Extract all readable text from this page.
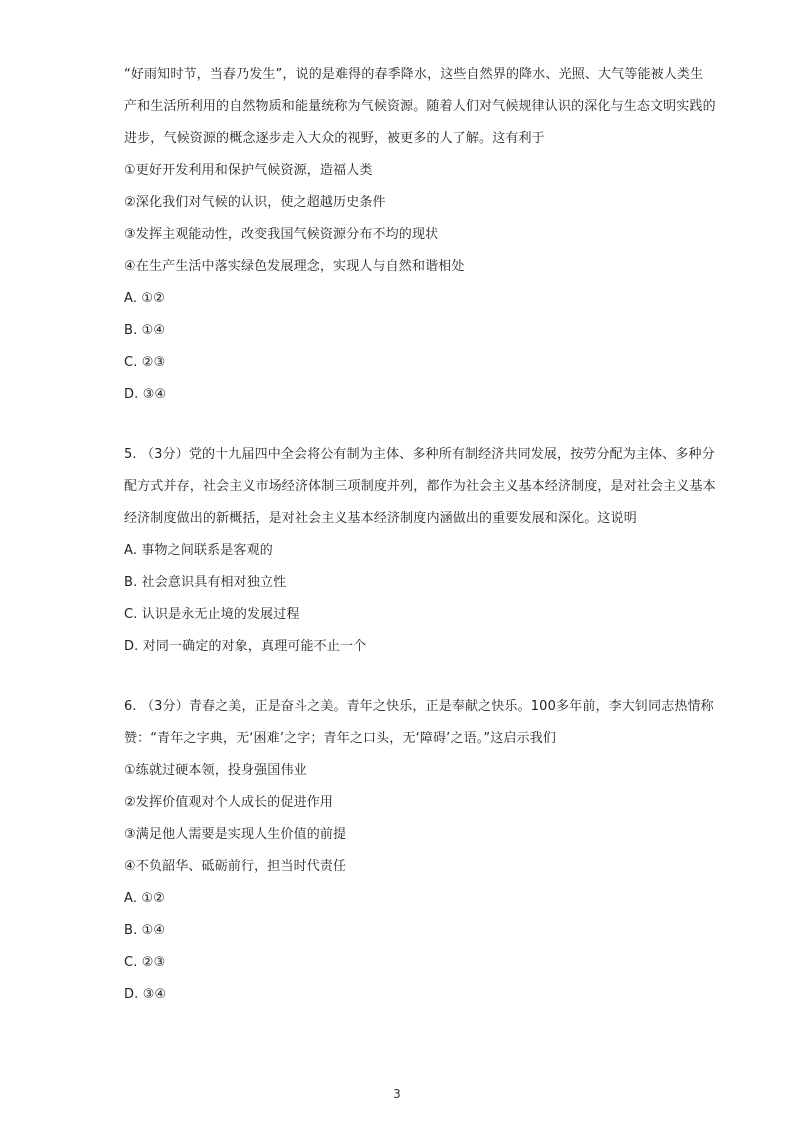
“好雨知时节，当春乃发生”，说的是难得的春季降水，这些自然界的降水、光照、大气等能被人类生
产和生活所利用的自然物质和能量统称为气候资源。随着人们对气候规律认识的深化与生态文明实践的
进步，气候资源的概念逐步走入大众的视野，被更多的人了解。这有利于
①更好开发利用和保护气候资源，造福人类
②深化我们对气候的认识，使之超越历史条件
③发挥主观能动性，改变我国气候资源分布不均的现状
④在生产生活中落实绿色发展理念，实现人与自然和谐相处
A. ①②
B. ①④
C. ②③
D. ③④
5. （3分）党的十九届四中全会将公有制为主体、多种所有制经济共同发展，按劳分配为主体、多种分
配方式并存，社会主义市场经济体制三项制度并列，都作为社会主义基本经济制度，是对社会主义基本
经济制度做出的新概括，是对社会主义基本经济制度内涵做出的重要发展和深化。这说明
A. 事物之间联系是客观的
B. 社会意识具有相对独立性
C. 认识是永无止境的发展过程
D. 对同一确定的对象，真理可能不止一个
6. （3分）青春之美，正是奋斗之美。青年之快乐，正是奉献之快乐。100多年前，李大钊同志热情称
赞：“青年之字典，无‘困难’之字；青年之口头，无‘障碍’之语。”这启示我们
①练就过硬本领，投身强国伟业
②发挥价值观对个人成长的促进作用
③满足他人需要是实现人生价值的前提
④不负韶华、砥砺前行，担当时代责任
A. ①②
B. ①④
C. ②③
D. ③④
3
